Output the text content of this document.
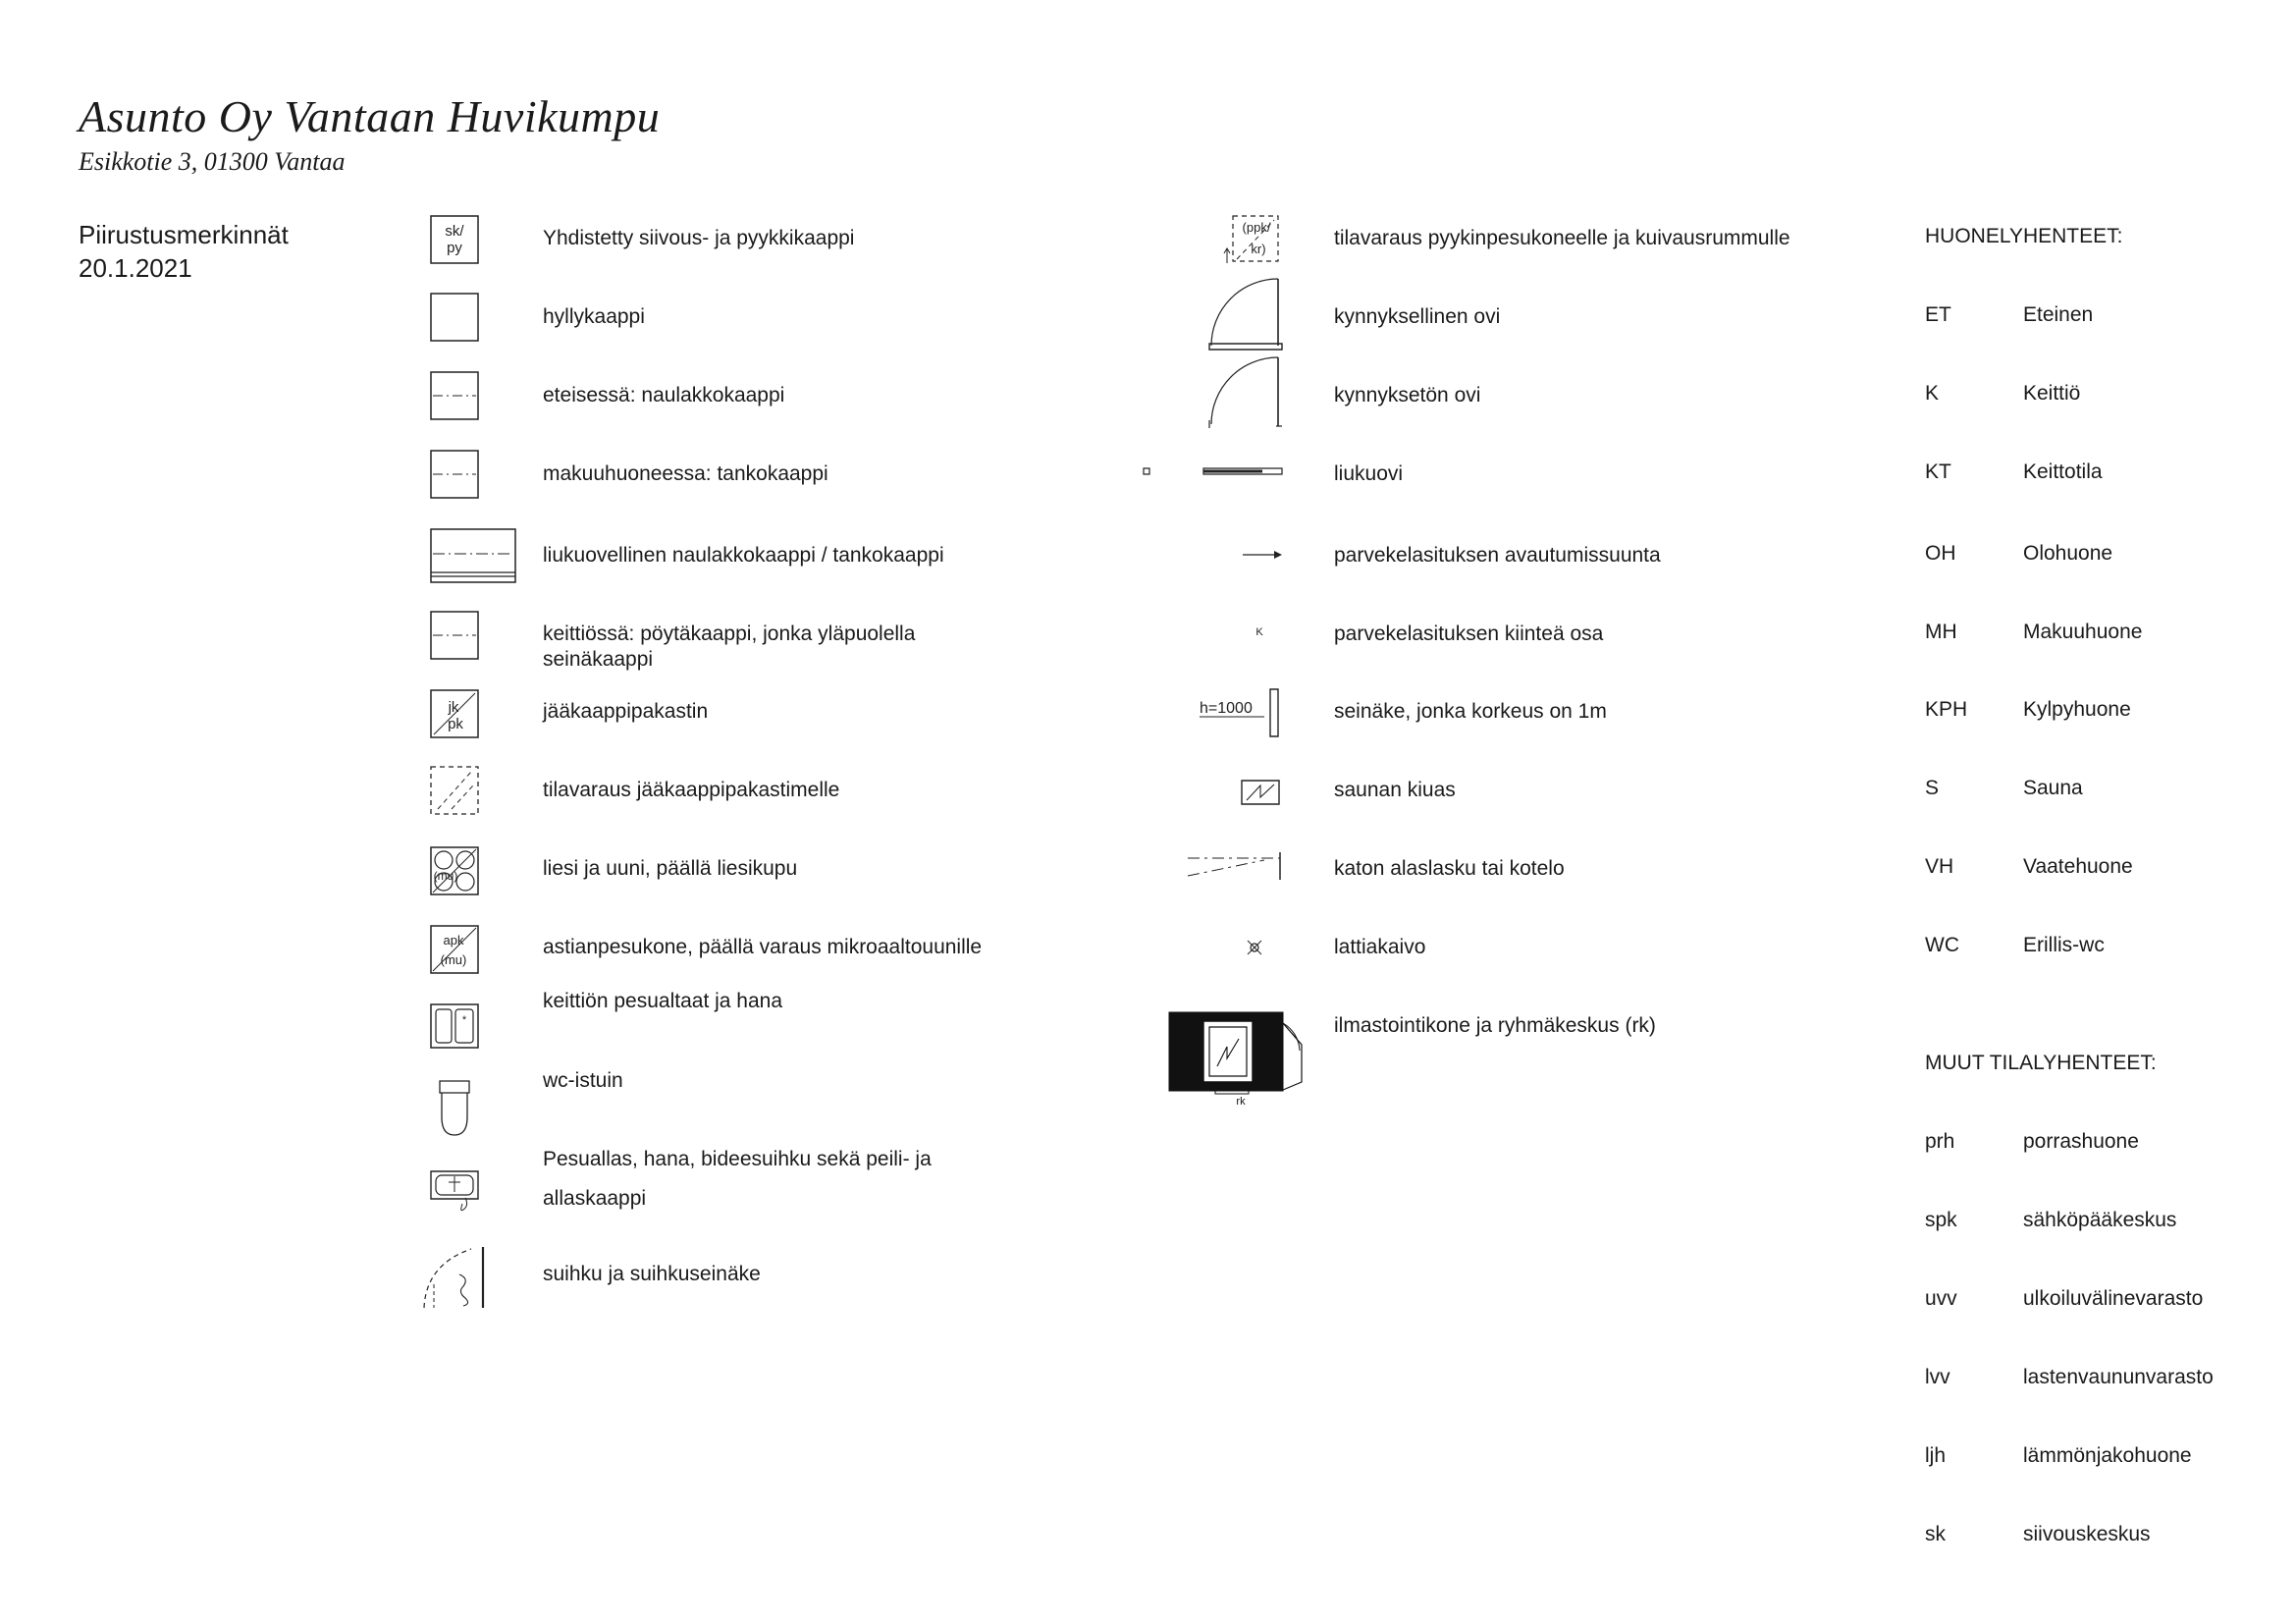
Asunto Oy Vantaan Huvikumpu
Esikkotie 3, 01300 Vantaa
Piirustusmerkinnät
20.1.2021
sk/
py	Yhdistetty siivous- ja pyykkikaappi
hyllykaappi
eteisessä: naulakkokaappi
makuuhuoneessa: tankokaappi
liukuovellinen naulakkokaappi / tankokaappi
keittiössä: pöytäkaappi, jonka yläpuolella
seinäkaappi
jk
pk
jääkaappipakastin
tilavaraus jääkaappipakastimelle
(mu)	liesi ja uuni, päällä liesikupu
apk
(mu)
astianpesukone, päällä varaus mikroaaltouunille
*
keittiön pesualtaat ja hana
wc-istuin
Pesuallas, hana, bideesuihku sekä peili- ja
allaskaappi
suihku ja suihkuseinäke
(ppk/
kr)	tilavaraus pyykinpesukoneelle ja kuivausrummulle
kynnyksellinen ovi
kynnyksetön ovi
liukuovi
parvekelasituksen avautumissuunta
K	parvekelasituksen kiinteä osa
h=1000	seinäke, jonka korkeus on 1m
saunan kiuas
katon alaslasku tai kotelo
lattiakaivo
rk
ilmastointikone ja ryhmäkeskus (rk)
HUONELYHENTEET:
ET	Eteinen
K	Keittiö
KT	Keittotila
OH	Olohuone
MH	Makuuhuone
KPH	Kylpyhuone
S	Sauna
VH	Vaatehuone
WC	Erillis-wc
MUUT TILALYHENTEET:
prh	porrashuone
spk	sähköpääkeskus
uvv	ulkoiluvälinevarasto
lvv	lastenvaununvarasto
ljh	lämmönjakohuone
sk	siivouskeskus
